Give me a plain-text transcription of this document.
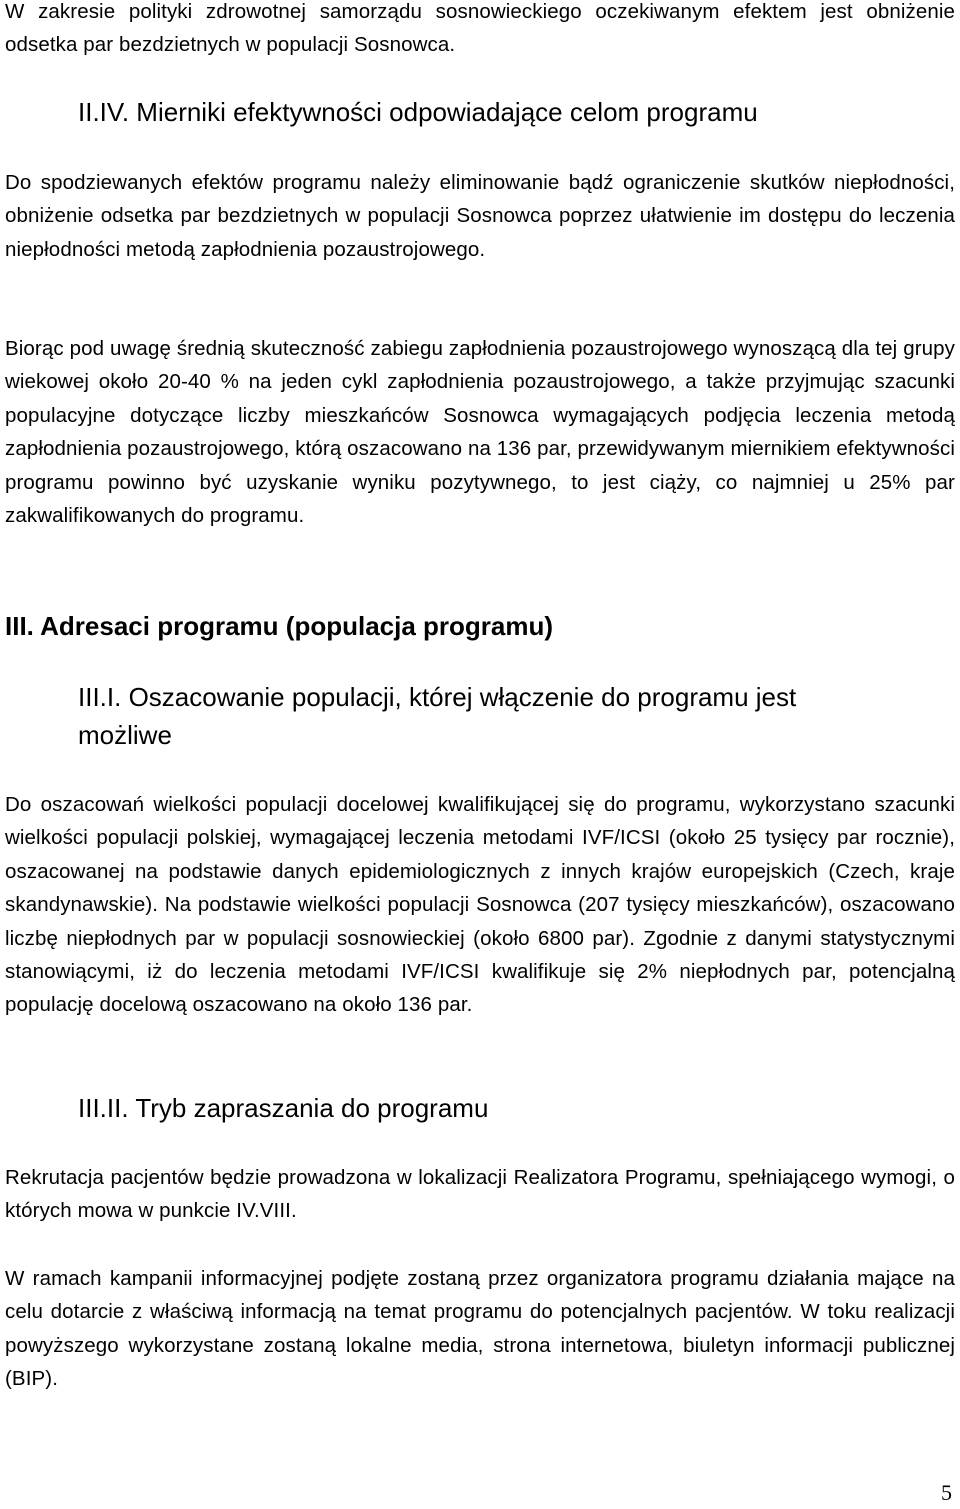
W zakresie polityki zdrowotnej samorządu sosnowieckiego oczekiwanym efektem jest obniżenie odsetka par bezdzietnych w populacji Sosnowca.

II.IV. Mierniki efektywności odpowiadające celom programu

Do spodziewanych efektów programu należy eliminowanie bądź ograniczenie skutków niepłodności, obniżenie odsetka par bezdzietnych w populacji Sosnowca poprzez ułatwienie im dostępu do leczenia niepłodności metodą zapłodnienia pozaustrojowego.

Biorąc pod uwagę średnią skuteczność zabiegu zapłodnienia pozaustrojowego wynoszącą dla tej grupy wiekowej około 20-40 % na jeden cykl zapłodnienia pozaustrojowego, a także przyjmując szacunki populacyjne dotyczące liczby mieszkańców Sosnowca wymagających podjęcia leczenia metodą zapłodnienia pozaustrojowego, którą oszacowano na 136 par, przewidywanym miernikiem efektywności programu powinno być uzyskanie wyniku pozytywnego, to jest ciąży, co najmniej u 25% par zakwalifikowanych do programu.

III. Adresaci programu (populacja programu)
III.I. Oszacowanie populacji, której włączenie do programu jest
możliwe

Do oszacowań wielkości populacji docelowej kwalifikującej się do programu, wykorzystano szacunki wielkości populacji polskiej, wymagającej leczenia metodami IVF/ICSI (około 25 tysięcy par rocznie), oszacowanej na podstawie danych epidemiologicznych z innych krajów europejskich (Czech, kraje skandynawskie). Na podstawie wielkości populacji Sosnowca (207 tysięcy mieszkańców), oszacowano liczbę niepłodnych par w populacji sosnowieckiej (około 6800 par). Zgodnie z danymi statystycznymi stanowiącymi, iż do leczenia metodami IVF/ICSI kwalifikuje się 2% niepłodnych par, potencjalną populację docelową oszacowano na około 136 par.

III.II. Tryb zapraszania do programu

Rekrutacja pacjentów będzie prowadzona w lokalizacji Realizatora Programu, spełniającego wymogi, o których mowa w punkcie IV.VIII.

W ramach kampanii informacyjnej podjęte zostaną przez organizatora programu działania mające na celu dotarcie z właściwą informacją na temat programu do potencjalnych pacjentów. W toku realizacji powyższego wykorzystane zostaną lokalne media, strona internetowa, biuletyn informacji publicznej (BIP).

5
